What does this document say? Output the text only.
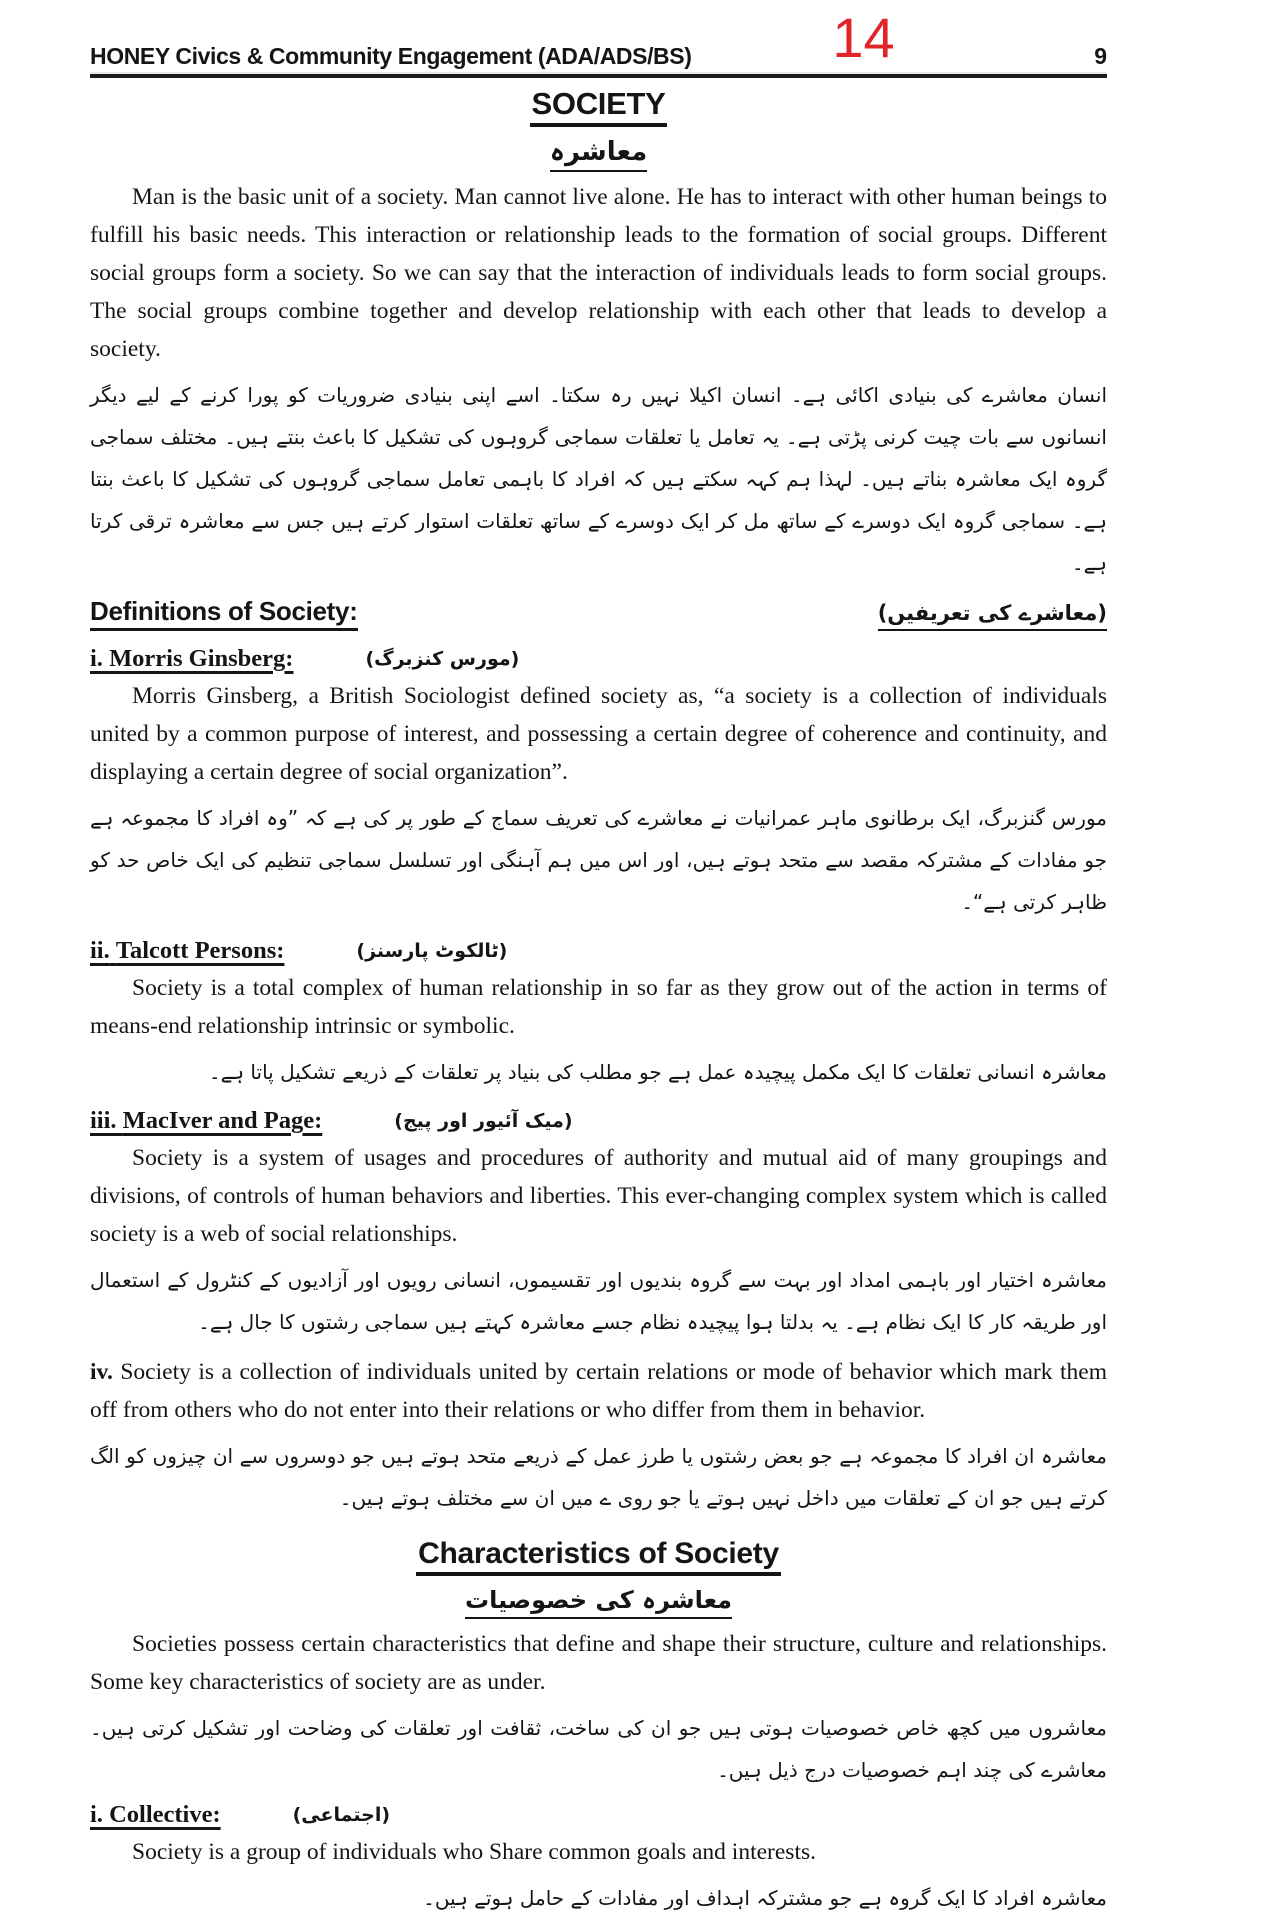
HONEY Civics & Community Engagement (ADA/ADS/BS)	14	9
SOCIETY
معاشرہ

Man is the basic unit of a society. Man cannot live alone. He has to interact with other human beings to fulfill his basic needs. This interaction or relationship leads to the formation of social groups. Different social groups form a society. So we can say that the interaction of individuals leads to form social groups. The social groups combine together and develop relationship with each other that leads to develop a society.

انسان معاشرے کی بنیادی اکائی ہے۔ انسان اکیلا نہیں رہ سکتا۔ اسے اپنی بنیادی ضروریات کو پورا کرنے کے لیے دیگر انسانوں سے بات چیت کرنی پڑتی ہے۔ یہ تعامل یا تعلقات سماجی گروہوں کی تشکیل کا باعث بنتے ہیں۔ مختلف سماجی گروہ ایک معاشرہ بناتے ہیں۔ لہذا ہم کہہ سکتے ہیں کہ افراد کا باہمی تعامل سماجی گروہوں کی تشکیل کا باعث بنتا ہے۔ سماجی گروہ ایک دوسرے کے ساتھ مل کر ایک دوسرے کے ساتھ تعلقات استوار کرتے ہیں جس سے معاشرہ ترقی کرتا ہے۔

Definitions of Society:	(معاشرے کی تعریفیں)
i. Morris Ginsberg:	(مورس کنزبرگ)

Morris Ginsberg, a British Sociologist defined society as, “a society is a collection of individuals united by a common purpose of interest, and possessing a certain degree of coherence and continuity, and displaying a certain degree of social organization”.

مورس گنزبرگ، ایک برطانوی ماہر عمرانیات نے معاشرے کی تعریف سماج کے طور پر کی ہے کہ ”وہ افراد کا مجموعہ ہے جو مفادات کے مشترکہ مقصد سے متحد ہوتے ہیں، اور اس میں ہم آہنگی اور تسلسل سماجی تنظیم کی ایک خاص حد کو ظاہر کرتی ہے“۔

ii. Talcott Persons:	(ٹالکوٹ پارسنز)

Society is a total complex of human relationship in so far as they grow out of the action in terms of means-end relationship intrinsic or symbolic.

معاشرہ انسانی تعلقات کا ایک مکمل پیچیدہ عمل ہے جو مطلب کی بنیاد پر تعلقات کے ذریعے تشکیل پاتا ہے۔

iii. MacIver and Page:	(میک آئیور اور پیج)

Society is a system of usages and procedures of authority and mutual aid of many groupings and divisions, of controls of human behaviors and liberties. This ever-changing complex system which is called society is a web of social relationships.

معاشرہ اختیار اور باہمی امداد اور بہت سے گروہ بندیوں اور تقسیموں، انسانی رویوں اور آزادیوں کے کنٹرول کے استعمال اور طریقہ کار کا ایک نظام ہے۔ یہ بدلتا ہوا پیچیدہ نظام جسے معاشرہ کہتے ہیں سماجی رشتوں کا جال ہے۔

iv. Society is a collection of individuals united by certain relations or mode of behavior which mark them off from others who do not enter into their relations or who differ from them in behavior.

معاشرہ ان افراد کا مجموعہ ہے جو بعض رشتوں یا طرز عمل کے ذریعے متحد ہوتے ہیں جو دوسروں سے ان چیزوں کو الگ کرتے ہیں جو ان کے تعلقات میں داخل نہیں ہوتے یا جو روی ے میں ان سے مختلف ہوتے ہیں۔

Characteristics of Society
معاشرہ کی خصوصیات

Societies possess certain characteristics that define and shape their structure, culture and relationships. Some key characteristics of society are as under.

معاشروں میں کچھ خاص خصوصیات ہوتی ہیں جو ان کی ساخت، ثقافت اور تعلقات کی وضاحت اور تشکیل کرتی ہیں۔ معاشرے کی چند اہم خصوصیات درج ذیل ہیں۔

i. Collective:	(اجتماعی)

Society is a group of individuals who Share common goals and interests.

معاشرہ افراد کا ایک گروہ ہے جو مشترکہ اہداف اور مفادات کے حامل ہوتے ہیں۔
